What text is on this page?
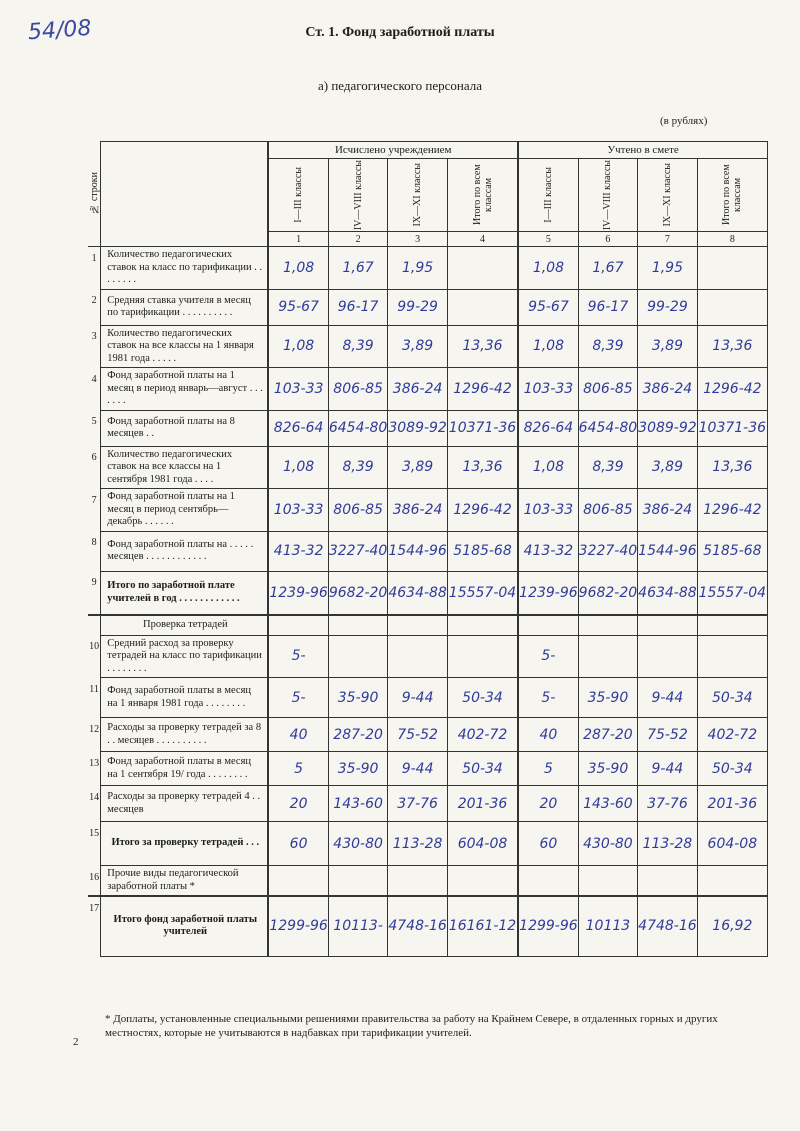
54/08	Ст. 1. Фонд заработной платы
а) педагогического персонала
(в рублях)
№ строки		Исчислено учреждением				Учтено в смете			

		I—III классы	IV—VIII классы	IX—XI классы	Итого по всем классам	I—III классы	IV—VIII классы	IX—XI классы	Итого по всем классам

		1	2	3	4	5	6	7	8
1	Количество педагогических ставок на класс по тарификации . . . . . . . .	1,08	1,67	1,95		1,08	1,67	1,95	
2	Средняя ставка учителя в месяц по тарификации . . . . . . . . . .	95-67	96-17	99-29		95-67	96-17	99-29	
3	Количество педагогических ставок на все классы на 1 января 1981 года . . . . .	1,08	8,39	3,89	13,36	1,08	8,39	3,89	13,36
4	Фонд заработной платы на 1 месяц в период январь—август . . . . . . .	103-33	806-85	386-24	1296-42	103-33	806-85	386-24	1296-42
5	Фонд заработной платы на 8 месяцев . .	826-64	6454-80	3089-92	10371-36	826-64	6454-80	3089-92	10371-36
6	Количество педагогических ставок на все классы на 1 сентября 1981 года . . . .	1,08	8,39	3,89	13,36	1,08	8,39	3,89	13,36
7	Фонд заработной платы на 1 месяц в период сентябрь—декабрь . . . . . .	103-33	806-85	386-24	1296-42	103-33	806-85	386-24	1296-42
8	Фонд заработной платы на . . . . . месяцев . . . . . . . . . . . .	413-32	3227-40	1544-96	5185-68	413-32	3227-40	1544-96	5185-68
9	Итого по заработной плате учителей в год . . . . . . . . . . . .	1239-96	9682-20	4634-88	15557-04	1239-96	9682-20	4634-88	15557-04
	Проверка тетрадей								
10	Средний расход за проверку тетрадей на класс по тарификации . . . . . . . .	5-				5-			
11	Фонд заработной платы в месяц на 1 января 1981 года . . . . . . . .	5-	35-90	9-44	50-34	5-	35-90	9-44	50-34
12	Расходы за проверку тетрадей за 8 . . месяцев . . . . . . . . . .	40	287-20	75-52	402-72	40	287-20	75-52	402-72
13	Фонд заработной платы в месяц на 1 сентября 19/ года . . . . . . . .	5	35-90	9-44	50-34	5	35-90	9-44	50-34
14	Расходы за проверку тетрадей 4 . . месяцев	20	143-60	37-76	201-36	20	143-60	37-76	201-36
15	Итого за проверку тетрадей . . .	60	430-80	113-28	604-08	60	430-80	113-28	604-08
16	Прочие виды педагогической заработной платы *								
17	Итого фонд заработной платы учителей	1299-96	10113-	4748-16	16161-12	1299-96	10113	4748-16	16,92
* Доплаты, установленные специальными решениями правительства за работу на Крайнем Севере, в отдаленных горных и других местностях, которые не учитываются в надбавках при тарификации учителей.
2
